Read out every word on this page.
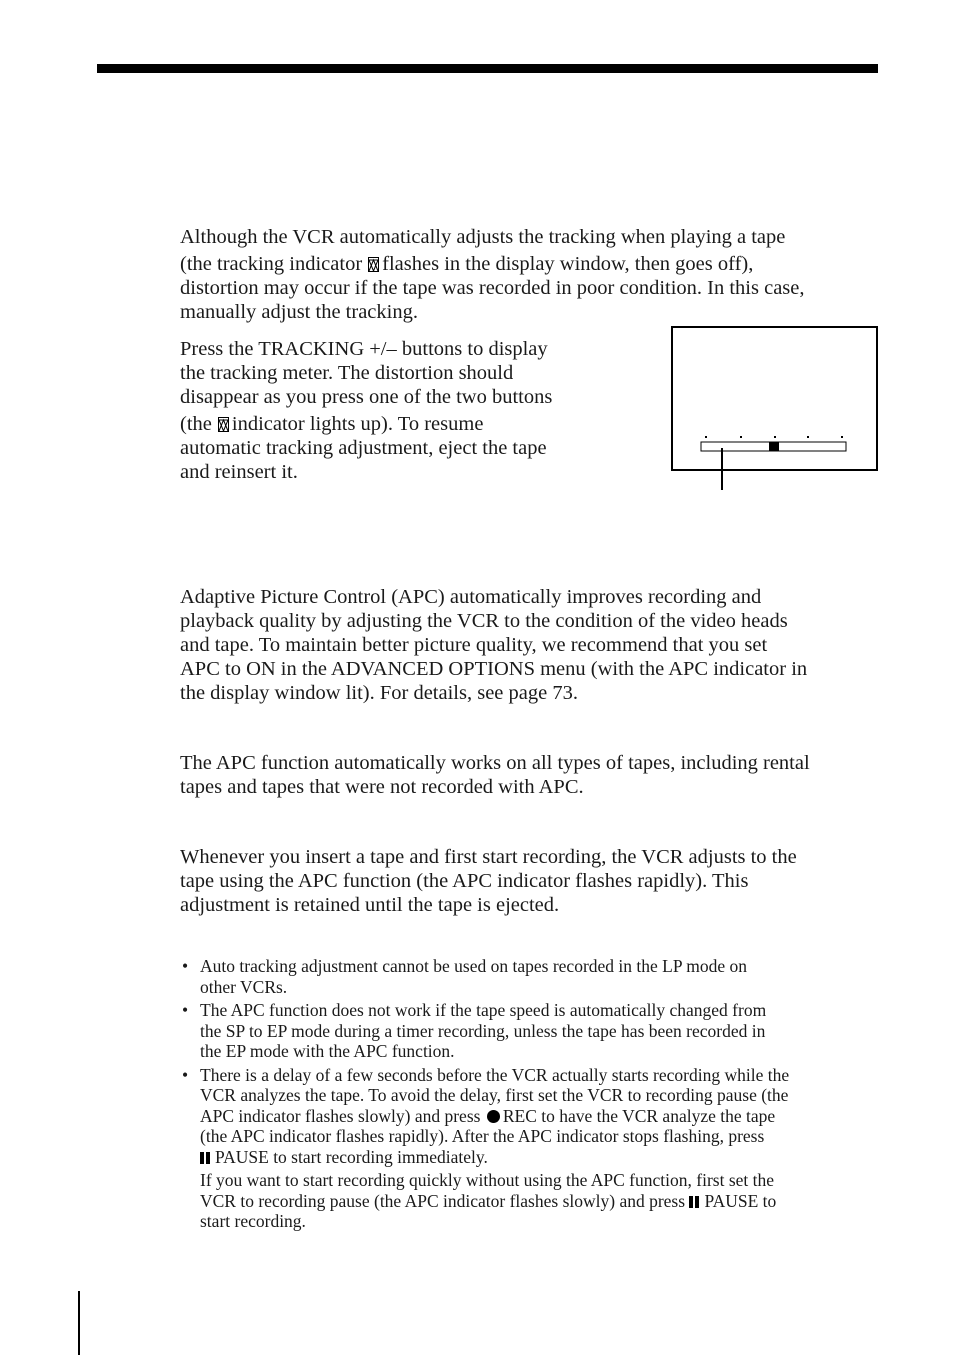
Although the VCR automatically adjusts the tracking when playing a tape
(the tracking indicator flashes in the display window, then goes off),
distortion may occur if the tape was recorded in poor condition. In this case,
manually adjust the tracking.
Press the TRACKING +/– buttons to display
the tracking meter. The distortion should
disappear as you press one of the two buttons
(the indicator lights up). To resume
automatic tracking adjustment, eject the tape
and reinsert it.
Adaptive Picture Control (APC) automatically improves recording and
playback quality by adjusting the VCR to the condition of the video heads
and tape. To maintain better picture quality, we recommend that you set
APC to ON in the ADVANCED OPTIONS menu (with the APC indicator in
the display window lit). For details, see page 73.
The APC function automatically works on all types of tapes, including rental
tapes and tapes that were not recorded with APC.
Whenever you insert a tape and first start recording, the VCR adjusts to the
tape using the APC function (the APC indicator flashes rapidly). This
adjustment is retained until the tape is ejected.
• Auto tracking adjustment cannot be used on tapes recorded in the LP mode on
other VCRs.
• The APC function does not work if the tape speed is automatically changed from
the SP to EP mode during a timer recording, unless the tape has been recorded in
the EP mode with the APC function.
• There is a delay of a few seconds before the VCR actually starts recording while the
VCR analyzes the tape. To avoid the delay, first set the VCR to recording pause (the
APC indicator flashes slowly) and press REC to have the VCR analyze the tape
(the APC indicator flashes rapidly). After the APC indicator stops flashing, press
PAUSE to start recording immediately.
If you want to start recording quickly without using the APC function, first set the
VCR to recording pause (the APC indicator flashes slowly) and press PAUSE to
start recording.
